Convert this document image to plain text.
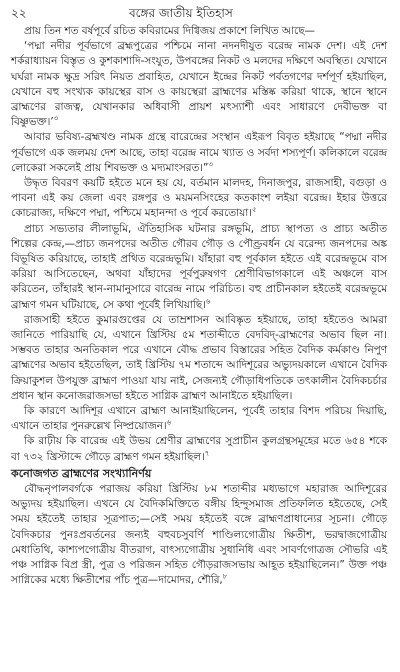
২২	বঙ্গের জাতীয় ইতিহাস

প্রায় তিন শত বর্ষপূর্বে রচিত কবিরামের দিগ্বিজয় প্রকাশে লিখিত আছে—

‘পদ্মা নদীর পূর্বভাগে ব্রহ্মপুত্রের পশ্চিমে নানা নদনদীযুত বরেন্দ্র নামক দেশ। এই দেশ শর্করাধ্যায়ন বিস্তৃত ও কুশকাশাদি-সংযুত, উপবঙ্গের নিকট ও মলদের দক্ষিণে অবস্থিত। যেখানে ঘর্ঘরা নামক ক্ষুদ্র সরিৎ নিয়ত প্রবাহিত, যেখানে ইন্দ্রের নিকট পর্বতগণের দর্শপূর্ণ হইয়াছিল, যেখানে বহু সংখ্যক কায়স্থের বাস ও কায়স্থেরা ব্রাহ্মণের মস্তিষ্ক করিয়া থাকে, স্থানে স্থানে ব্রাহ্মণের রাজত্ব, যেখানকার অধিবাসী প্রায়শ মৎস্যাশী এবং সাধারণে দেবীভক্ত বা বিষ্ণুভক্ত।’$^৩$

আবার ভবিষ্য-ব্রহ্মখণ্ড নামক গ্রন্থে বারেন্দ্রের সংস্থান এইরূপ বিবৃত হইয়াছে “পদ্মা নদীর পূর্বভাগে এক জলময় দেশ আছে, তাহা বরেন্দ্র নামে খ্যাত ও সর্বদা শস্যপূর্ণ। কলিকালে বরেন্দ্র লোকেরা সকলেই প্রায় শিবভক্ত ও মদ্যমাংসরত।”$^৩$

উদ্ধৃত বিবরণ কয়টি হইতে মনে হয় যে, বর্তমান মালদহ, দিনাজপুর, রাজসাহী, বগুড়া ও পাবনা এই কয় জেলা এবং রঙ্গপুর ও ময়মনসিংহের কতকাংশ লইয়া বরেন্দ্র। ইহার উত্তরে কোচরাজ্য, দক্ষিণে পদ্মা, পশ্চিমে মহানন্দা ও পূর্বে করতোয়া।$^৫$

প্রাচ্য সভ্যতার লীলাভূমি, ঐতিহাসিক ঘটনার রঙ্গভূমি, প্রাচ্য স্থাপত্য ও প্রাচ্য অতীত শিল্পের কেন্দ্র,—প্রাচ্য জনপদের অতীত গৌরব গৌড় ও পৌণ্ড্রবর্ধন যে বরেন্দ্য জনপদের অঙ্ক বিভূষিত করিয়াছে, তাহাই প্রথিত বরেন্দ্রভূমি। যাঁহারা বহু পূর্বকাল হইতে এই বরেন্দ্রভূমে বাস করিয়া আসিতেছেন, অথবা যাঁহাদের পূর্বপুরুষগণ শ্রেণীবিভাগকালে এই অঞ্চলে বাস করিতেন, তাঁহারই স্থান-নামানুসারে বারেন্দ্র নামে পরিচিত। বহু প্রাচীনকাল হইতেই বরেন্দ্রভূমে ব্রাহ্মণ গমন ঘটিয়াছে, সে কথা পূর্বেই লিখিয়াছি।$^৬$

রাজসাহী হইতে কুমারগুপ্তের যে তাম্রশাসন আবিষ্কৃত হইয়াছে, তাহা হইতেও আমরা জানিতে পারিয়াছি যে, এখানে খ্রিস্টিয় ৫ম শতাব্দীতে বেদবিদ্-ব্রাহ্মণের অভাব ছিল না। সম্ভবত তাহার অনতিকাল পরে এখানে বৌদ্ধ প্রভাব বিস্তারের সহিত বৈদিক কর্মকাণ্ড নিপুণ ব্রাহ্মণের অভাব হইতেছিল, তাই খ্রিস্টিয় ৭ম শতাব্দে আদিশূরের অভ্যুদয়কালে এখানে বৈদিক ক্রিয়াকুশল উপযুক্ত ব্রাহ্মণ পাওয়া যায় নাই, সেজন্যই গৌড়াধিপতিকে তৎকালীন বৈদিকচর্চার প্রধান স্থান কনোজরাজসভা হইতে সাগ্নিক ব্রাহ্মণ আনাইতে হইয়াছিল।

কি কারণে আদিশূর এখানে ব্রাহ্মণ আনাইয়াছিলেন, পূর্বেই তাহার বিশদ পরিচয় দিয়াছি, এখানে তাহার পুনরুল্লেখ নিষ্প্রয়োজন।$^৬$

কি রাঢ়ীয় কি বারেন্দ্র এই উভয় শ্রেণীর ব্রাহ্মণের সুপ্রাচীন কুলগ্রন্থসমূহের মতে ৬৫৪ শকে বা ৭৩২ খ্রিস্টাব্দে গৌড়ে ব্রাহ্মণ গমন হইয়াছিল।$^৭$

কনোজগত ব্রাহ্মণের সংখ্যানির্ণয়

বৌদ্ধনৃপালবর্গকে পরাজয় করিয়া খ্রিস্টিয় ৮ম শতাব্দীর মধ্যভাগে মহারাজ আদিশূরের অভ্যুদয় হইয়াছিল। এখনে যে বৈদিকমিক্তিতে বঙ্গীয় হিন্দুসমাজ প্রতিফলিত হইতেছে, সেই সময় হইতেই তাহার সূত্রপাত;—সেই সময় হইতেই বঙ্গে ব্রাহ্মণপ্রাধান্যের সূচনা। গৌড়ে বৈদিকচার পুনঃপ্রবর্তনের জন্যই বহুবচসুবর্ণি শাণ্ডিল্যগোত্রীয় ক্ষিতীশ, ভরদ্বাজগোত্রীয় মেধাতিথি, কাশ্যপগোত্রীয় বীতরাগ, বাৎস্যগোত্রীয় সুধানিধি এবং সাবর্ণগোত্রজ সৌভরি এই পঞ্চ সাগ্নিক বিপ্র স্ত্রী, পুত্র ও পরিজন সহিত গৌড়রাজসভায় আহূত হইয়াছিলেন।” উক্ত পঞ্চ সাগ্নিকের মধ্যে ক্ষিতীশের পাঁচ পুত্র—দামোদর, শৌরি,$^৮$
